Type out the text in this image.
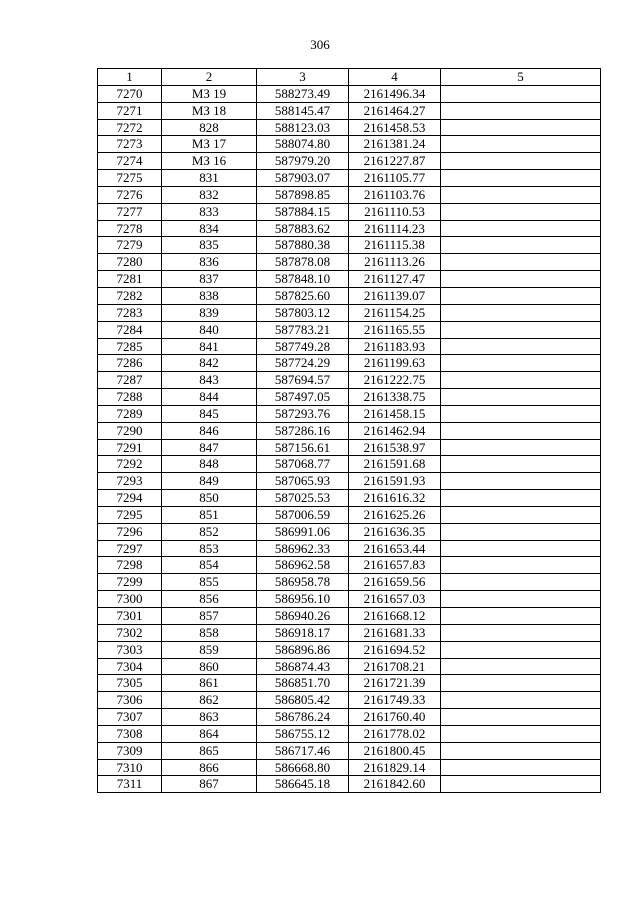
306
1	2	3	4	5
7270	МЗ 19	588273.49	2161496.34	
7271	МЗ 18	588145.47	2161464.27	
7272	828	588123.03	2161458.53	
7273	МЗ 17	588074.80	2161381.24	
7274	МЗ 16	587979.20	2161227.87	
7275	831	587903.07	2161105.77	
7276	832	587898.85	2161103.76	
7277	833	587884.15	2161110.53	
7278	834	587883.62	2161114.23	
7279	835	587880.38	2161115.38	
7280	836	587878.08	2161113.26	
7281	837	587848.10	2161127.47	
7282	838	587825.60	2161139.07	
7283	839	587803.12	2161154.25	
7284	840	587783.21	2161165.55	
7285	841	587749.28	2161183.93	
7286	842	587724.29	2161199.63	
7287	843	587694.57	2161222.75	
7288	844	587497.05	2161338.75	
7289	845	587293.76	2161458.15	
7290	846	587286.16	2161462.94	
7291	847	587156.61	2161538.97	
7292	848	587068.77	2161591.68	
7293	849	587065.93	2161591.93	
7294	850	587025.53	2161616.32	
7295	851	587006.59	2161625.26	
7296	852	586991.06	2161636.35	
7297	853	586962.33	2161653.44	
7298	854	586962.58	2161657.83	
7299	855	586958.78	2161659.56	
7300	856	586956.10	2161657.03	
7301	857	586940.26	2161668.12	
7302	858	586918.17	2161681.33	
7303	859	586896.86	2161694.52	
7304	860	586874.43	2161708.21	
7305	861	586851.70	2161721.39	
7306	862	586805.42	2161749.33	
7307	863	586786.24	2161760.40	
7308	864	586755.12	2161778.02	
7309	865	586717.46	2161800.45	
7310	866	586668.80	2161829.14	
7311	867	586645.18	2161842.60	
